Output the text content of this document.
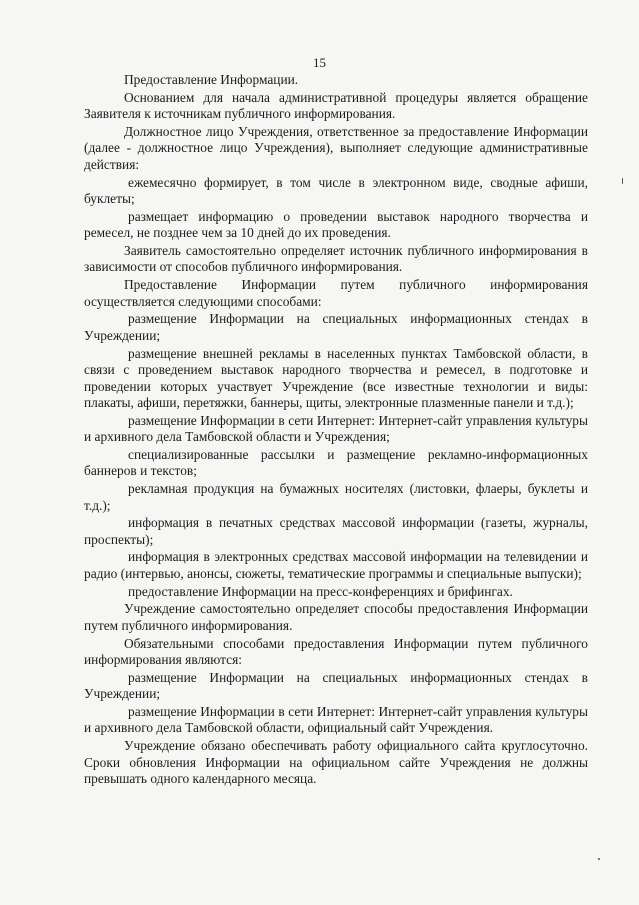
15

Предоставление Информации.

Основанием для начала административной процедуры является обращение Заявителя к источникам публичного информирования.

Должностное лицо Учреждения, ответственное за предоставление Информации (далее - должностное лицо Учреждения), выполняет следующие административные действия:

ежемесячно формирует, в том числе в электронном виде, сводные афиши, буклеты;

размещает информацию о проведении выставок народного творчества и ремесел, не позднее чем за 10 дней до их проведения.

Заявитель самостоятельно определяет источник публичного информирования в зависимости от способов публичного информирования.

Предоставление Информации путем публичного информирования осуществляется следующими способами:

размещение Информации на специальных информационных стендах в Учреждении;

размещение внешней рекламы в населенных пунктах Тамбовской области, в связи с проведением выставок народного творчества и ремесел, в подготовке и проведении которых участвует Учреждение (все известные технологии и виды: плакаты, афиши, перетяжки, баннеры, щиты, электронные плазменные панели и т.д.);

размещение Информации в сети Интернет: Интернет-сайт управления культуры и архивного дела Тамбовской области и Учреждения;

специализированные рассылки и размещение рекламно-информационных баннеров и текстов;

рекламная продукция на бумажных носителях (листовки, флаеры, буклеты и т.д.);

информация в печатных средствах массовой информации (газеты, журналы, проспекты);

информация в электронных средствах массовой информации на телевидении и радио (интервью, анонсы, сюжеты, тематические программы и специальные выпуски);

предоставление Информации на пресс-конференциях и брифингах.

Учреждение самостоятельно определяет способы предоставления Информации путем публичного информирования.

Обязательными способами предоставления Информации путем публичного информирования являются:

размещение Информации на специальных информационных стендах в Учреждении;

размещение Информации в сети Интернет: Интернет-сайт управления культуры и архивного дела Тамбовской области, официальный сайт Учреждения.

Учреждение обязано обеспечивать работу официального сайта круглосуточно. Сроки обновления Информации на официальном сайте Учреждения не должны превышать одного календарного месяца.
